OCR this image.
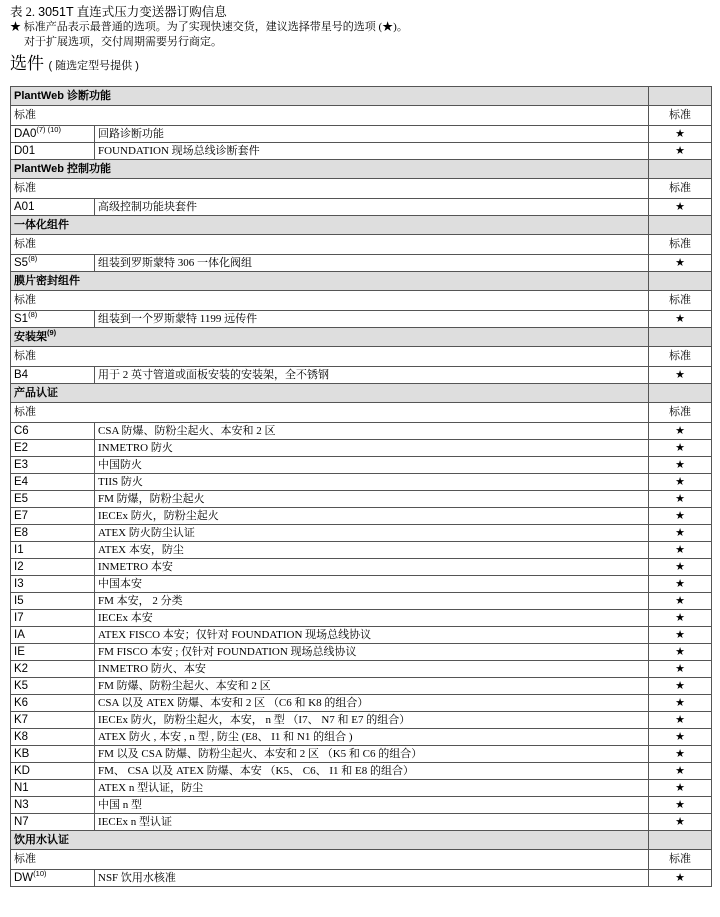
表 2. 3051T 直连式压力变送器订购信息
★ 标准产品表示最普通的选项。为了实现快速交货，建议选择带星号的选项 (★)。
对于扩展选项，交付周期需要另行商定。
选件 ( 随选定型号提供 )
PlantWeb 诊断功能		
标准		标准
$DA0^{(7) (10)}$	回路诊断功能	★
D01	FOUNDATION 现场总线诊断套件	★
PlantWeb 控制功能		
标准		标准
A01	高级控制功能块套件	★
一体化组件		
标准		标准
S5$^{(8)}$	组装到罗斯蒙特 306 一体化阀组	★
膜片密封组件		
标准		标准
S1$^{(8)}$	组装到一个罗斯蒙特 1199 远传件	★
安装架$^{(9)}$	
标准		标准
B4	用于 2 英寸管道或面板安装的安装架，全不锈钢	★
产品认证		
标准		标准
C6	CSA 防爆、防粉尘起火、本安和 2 区	★
E2	INMETRO 防火	★
E3	中国防火	★
E4	TIIS 防火	★
E5	FM 防爆，防粉尘起火	★
E7	IECEx 防火，防粉尘起火	★
E8	ATEX 防火防尘认证	★
I1	ATEX 本安，防尘	★
I2	INMETRO 本安	★
I3	中国本安	★
I5	FM 本安， 2 分类	★
I7	IECEx 本安	★
IA	ATEX FISCO 本安；仅针对 FOUNDATION 现场总线协议	★
IE	FM FISCO 本安 ; 仅针对 FOUNDATION 现场总线协议	★
K2	INMETRO 防火、本安	★
K5	FM 防爆、防粉尘起火、本安和 2 区	★
K6	CSA 以及 ATEX 防爆、本安和 2 区 （C6 和 K8 的组合）	★
K7	IECEx 防火，防粉尘起火，本安， n 型 （I7、 N7 和 E7 的组合）	★
K8	ATEX 防火 , 本安 , n 型 , 防尘 (E8、 I1 和 N1 的组合 )	★
KB	FM 以及 CSA 防爆、防粉尘起火、本安和 2 区 （K5 和 C6 的组合）	★
KD	FM、 CSA 以及 ATEX 防爆、本安 （K5、 C6、 I1 和 E8 的组合）	★
N1	ATEX n 型认证，防尘	★
N3	中国 n 型	★
N7	IECEx n 型认证	★
饮用水认证		
标准		标准
DW$^{(10)}$	NSF 饮用水核准	★
